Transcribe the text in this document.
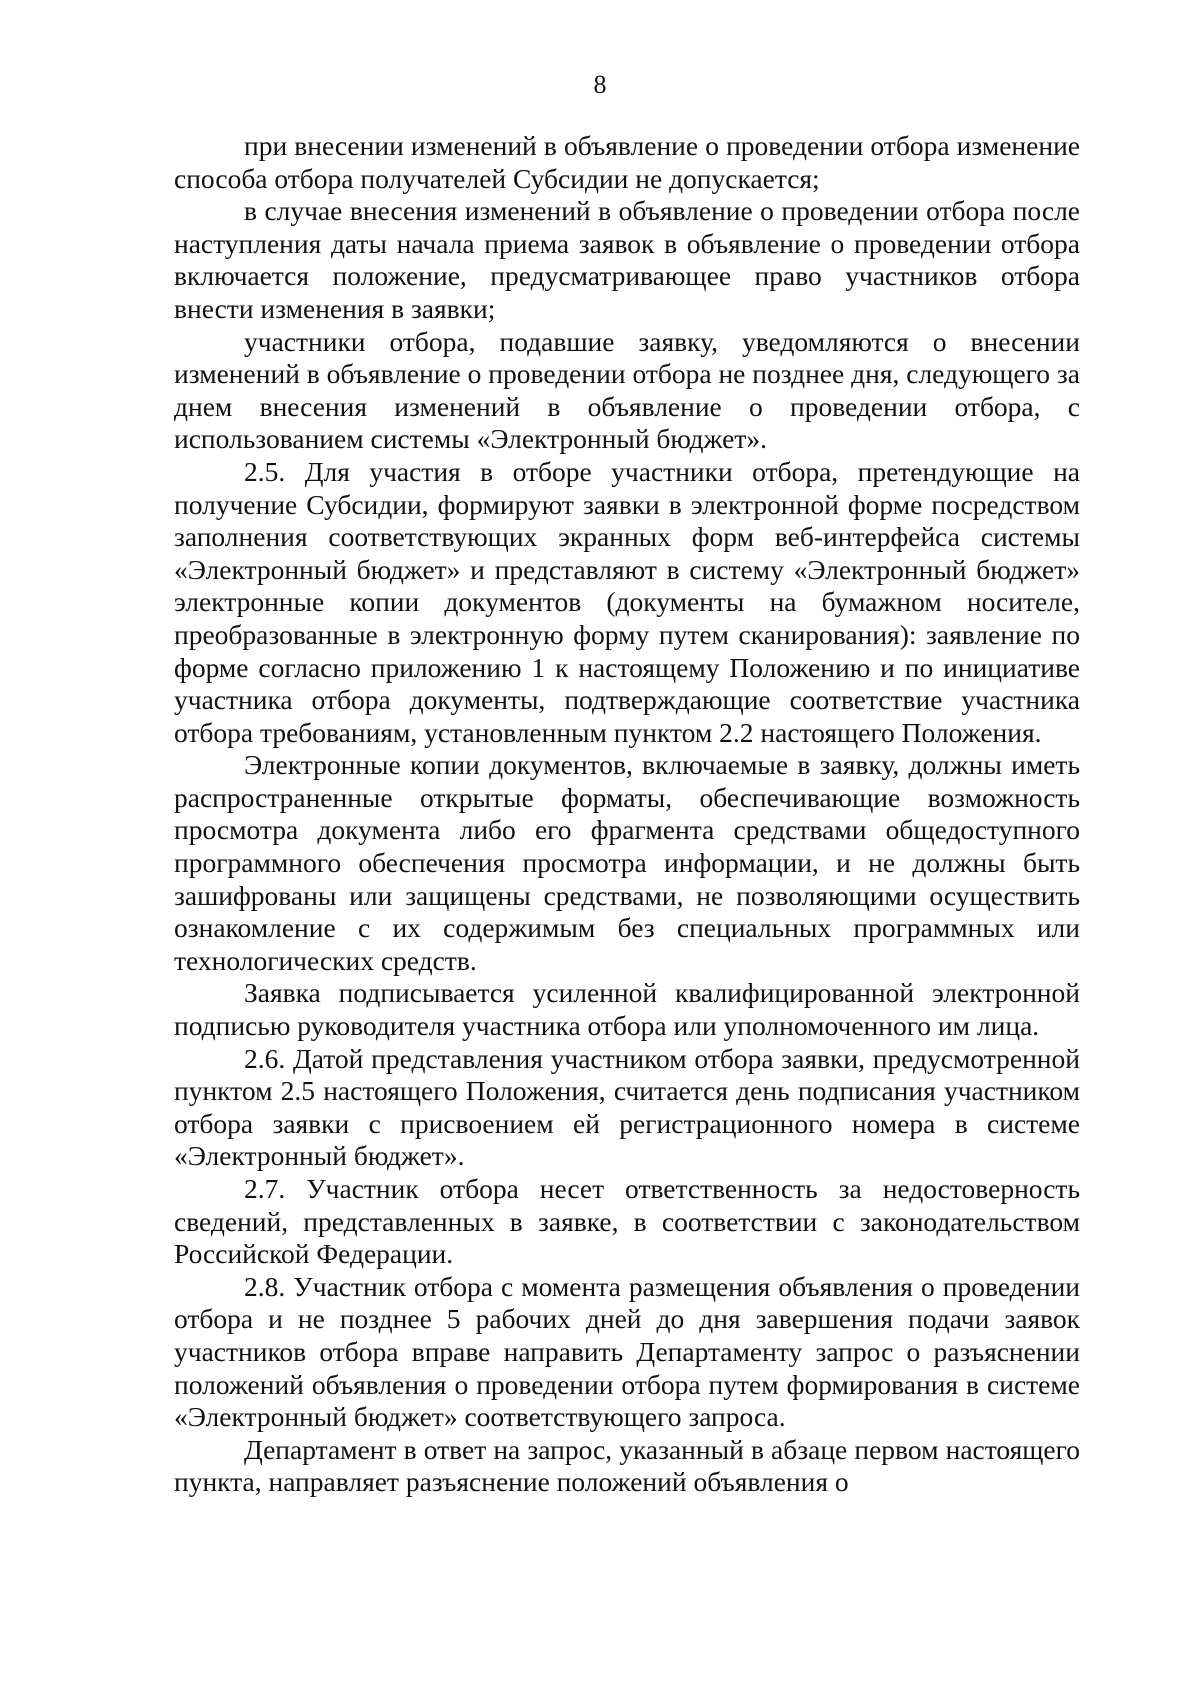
8

при внесении изменений в объявление о проведении отбора изменение способа отбора получателей Субсидии не допускается;

в случае внесения изменений в объявление о проведении отбора после наступления даты начала приема заявок в объявление о проведении отбора включается положение, предусматривающее право участников отбора внести изменения в заявки;

участники отбора, подавшие заявку, уведомляются о внесении изменений в объявление о проведении отбора не позднее дня, следующего за днем внесения изменений в объявление о проведении отбора, с использованием системы «Электронный бюджет».

2.5. Для участия в отборе участники отбора, претендующие на получение Субсидии, формируют заявки в электронной форме посредством заполнения соответствующих экранных форм веб-интерфейса системы «Электронный бюджет» и представляют в систему «Электронный бюджет» электронные копии документов (документы на бумажном носителе, преобразованные в электронную форму путем сканирования): заявление по форме согласно приложению 1 к настоящему Положению и по инициативе участника отбора документы, подтверждающие соответствие участника отбора требованиям, установленным пунктом 2.2 настоящего Положения.

Электронные копии документов, включаемые в заявку, должны иметь распространенные открытые форматы, обеспечивающие возможность просмотра документа либо его фрагмента средствами общедоступного программного обеспечения просмотра информации, и не должны быть зашифрованы или защищены средствами, не позволяющими осуществить ознакомление с их содержимым без специальных программных или технологических средств.

Заявка подписывается усиленной квалифицированной электронной подписью руководителя участника отбора или уполномоченного им лица.

2.6. Датой представления участником отбора заявки, предусмотренной пунктом 2.5 настоящего Положения, считается день подписания участником отбора заявки с присвоением ей регистрационного номера в системе «Электронный бюджет».

2.7. Участник отбора несет ответственность за недостоверность сведений, представленных в заявке, в соответствии с законодательством Российской Федерации.

2.8. Участник отбора с момента размещения объявления о проведении отбора и не позднее 5 рабочих дней до дня завершения подачи заявок участников отбора вправе направить Департаменту запрос о разъяснении положений объявления о проведении отбора путем формирования в системе «Электронный бюджет» соответствующего запроса.

Департамент в ответ на запрос, указанный в абзаце первом настоящего пункта, направляет разъяснение положений объявления о
